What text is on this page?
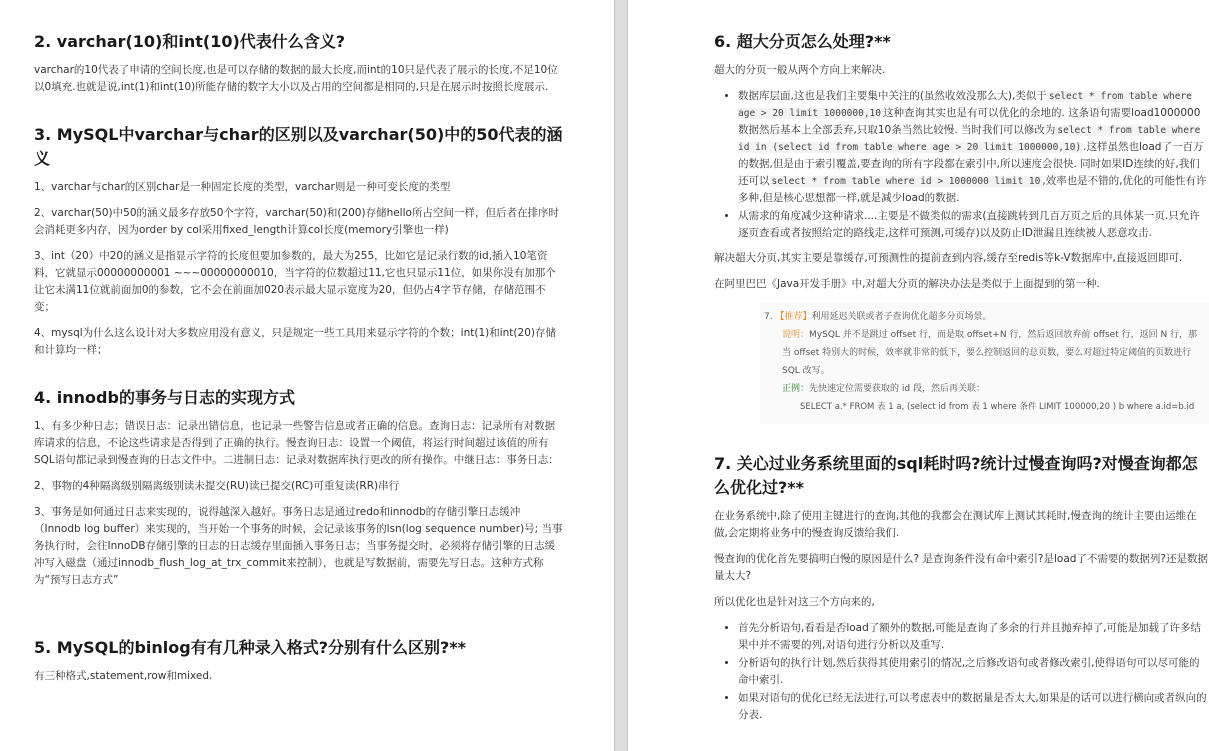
2. varchar(10)和int(10)代表什么含义?

varchar的10代表了申请的空间长度,也是可以存储的数据的最大长度,而int的10只是代表了展示的长度,不足10位以0填充.也就是说,int(1)和int(10)所能存储的数字大小以及占用的空间都是相同的,只是在展示时按照长度展示.

3. MySQL中varchar与char的区别以及varchar(50)中的50代表的涵义

1、varchar与char的区别char是一种固定长度的类型，varchar则是一种可变长度的类型

2、varchar(50)中50的涵义最多存放50个字符，varchar(50)和(200)存储hello所占空间一样，但后者在排序时会消耗更多内存，因为order by col采用fixed_length计算col长度(memory引擎也一样)

3、int（20）中20的涵义是指显示字符的长度但要加参数的，最大为255，比如它是记录行数的id,插入10笔资料，它就显示00000000001 ~~~00000000010，当字符的位数超过11,它也只显示11位，如果你没有加那个让它未满11位就前面加0的参数，它不会在前面加020表示最大显示宽度为20，但仍占4字节存储，存储范围不变；

4、mysql为什么这么设计对大多数应用没有意义，只是规定一些工具用来显示字符的个数；int(1)和int(20)存储和计算均一样；

4. innodb的事务与日志的实现方式

1、有多少种日志；错误日志：记录出错信息，也记录一些警告信息或者正确的信息。查询日志：记录所有对数据库请求的信息，不论这些请求是否得到了正确的执行。慢查询日志：设置一个阈值，将运行时间超过该值的所有SQL语句都记录到慢查询的日志文件中。二进制日志：记录对数据库执行更改的所有操作。中继日志：事务日志：

2、事物的4种隔离级别隔离级别读未提交(RU)读已提交(RC)可重复读(RR)串行

3、事务是如何通过日志来实现的，说得越深入越好。事务日志是通过redo和innodb的存储引擎日志缓冲（Innodb log buffer）来实现的，当开始一个事务的时候，会记录该事务的lsn(log sequence number)号; 当事务执行时，会往InnoDB存储引擎的日志的日志缓存里面插入事务日志；当事务提交时，必须将存储引擎的日志缓冲写入磁盘（通过innodb_flush_log_at_trx_commit来控制），也就是写数据前，需要先写日志。这种方式称为“预写日志方式”

5. MySQL的binlog有有几种录入格式?分别有什么区别?**

有三种格式,statement,row和mixed.

6. 超大分页怎么处理?**

超大的分页一般从两个方向上来解决.

• 数据库层面,这也是我们主要集中关注的(虽然收效没那么大),类似于 select * from table where age > 20 limit 1000000,10 这种查询其实也是有可以优化的余地的. 这条语句需要load1000000数据然后基本上全部丢弃,只取10条当然比较慢. 当时我们可以修改为 select * from table where id in (select id from table where age > 20 limit 1000000,10) .这样虽然也load了一百万的数据,但是由于索引覆盖,要查询的所有字段都在索引中,所以速度会很快. 同时如果ID连续的好,我们还可以 select * from table where id > 1000000 limit 10 ,效率也是不错的,优化的可能性有许多种,但是核心思想都一样,就是减少load的数据.
• 从需求的角度减少这种请求....主要是不做类似的需求(直接跳转到几百万页之后的具体某一页.只允许逐页查看或者按照给定的路线走,这样可预测,可缓存)以及防止ID泄漏且连续被人恶意攻击.

解决超大分页,其实主要是靠缓存,可预测性的提前查到内容,缓存至redis等k-V数据库中,直接返回即可.

在阿里巴巴《Java开发手册》中,对超大分页的解决办法是类似于上面提到的第一种.

7. 【推荐】利用延迟关联或者子查询优化超多分页场景。
说明：MySQL 并不是跳过 offset 行，而是取 offset+N 行，然后返回放弃前 offset 行，返回 N 行，那当 offset 特别大的时候，效率就非常的低下，要么控制返回的总页数，要么对超过特定阈值的页数进行 SQL 改写。
正例：先快速定位需要获取的 id 段，然后再关联：
SELECT a.* FROM 表 1 a, (select id from 表 1 where 条件 LIMIT 100000,20 ) b where a.id=b.id
7. 关心过业务系统里面的sql耗时吗?统计过慢查询吗?对慢查询都怎么优化过?**

在业务系统中,除了使用主键进行的查询,其他的我都会在测试库上测试其耗时,慢查询的统计主要由运维在做,会定期将业务中的慢查询反馈给我们.

慢查询的优化首先要搞明白慢的原因是什么? 是查询条件没有命中索引?是load了不需要的数据列?还是数据量太大?

所以优化也是针对这三个方向来的,

• 首先分析语句,看看是否load了额外的数据,可能是查询了多余的行并且抛弃掉了,可能是加载了许多结果中并不需要的列,对语句进行分析以及重写.
• 分析语句的执行计划,然后获得其使用索引的情况,之后修改语句或者修改索引,使得语句可以尽可能的命中索引.
• 如果对语句的优化已经无法进行,可以考虑表中的数据量是否太大,如果是的话可以进行横向或者纵向的分表.
